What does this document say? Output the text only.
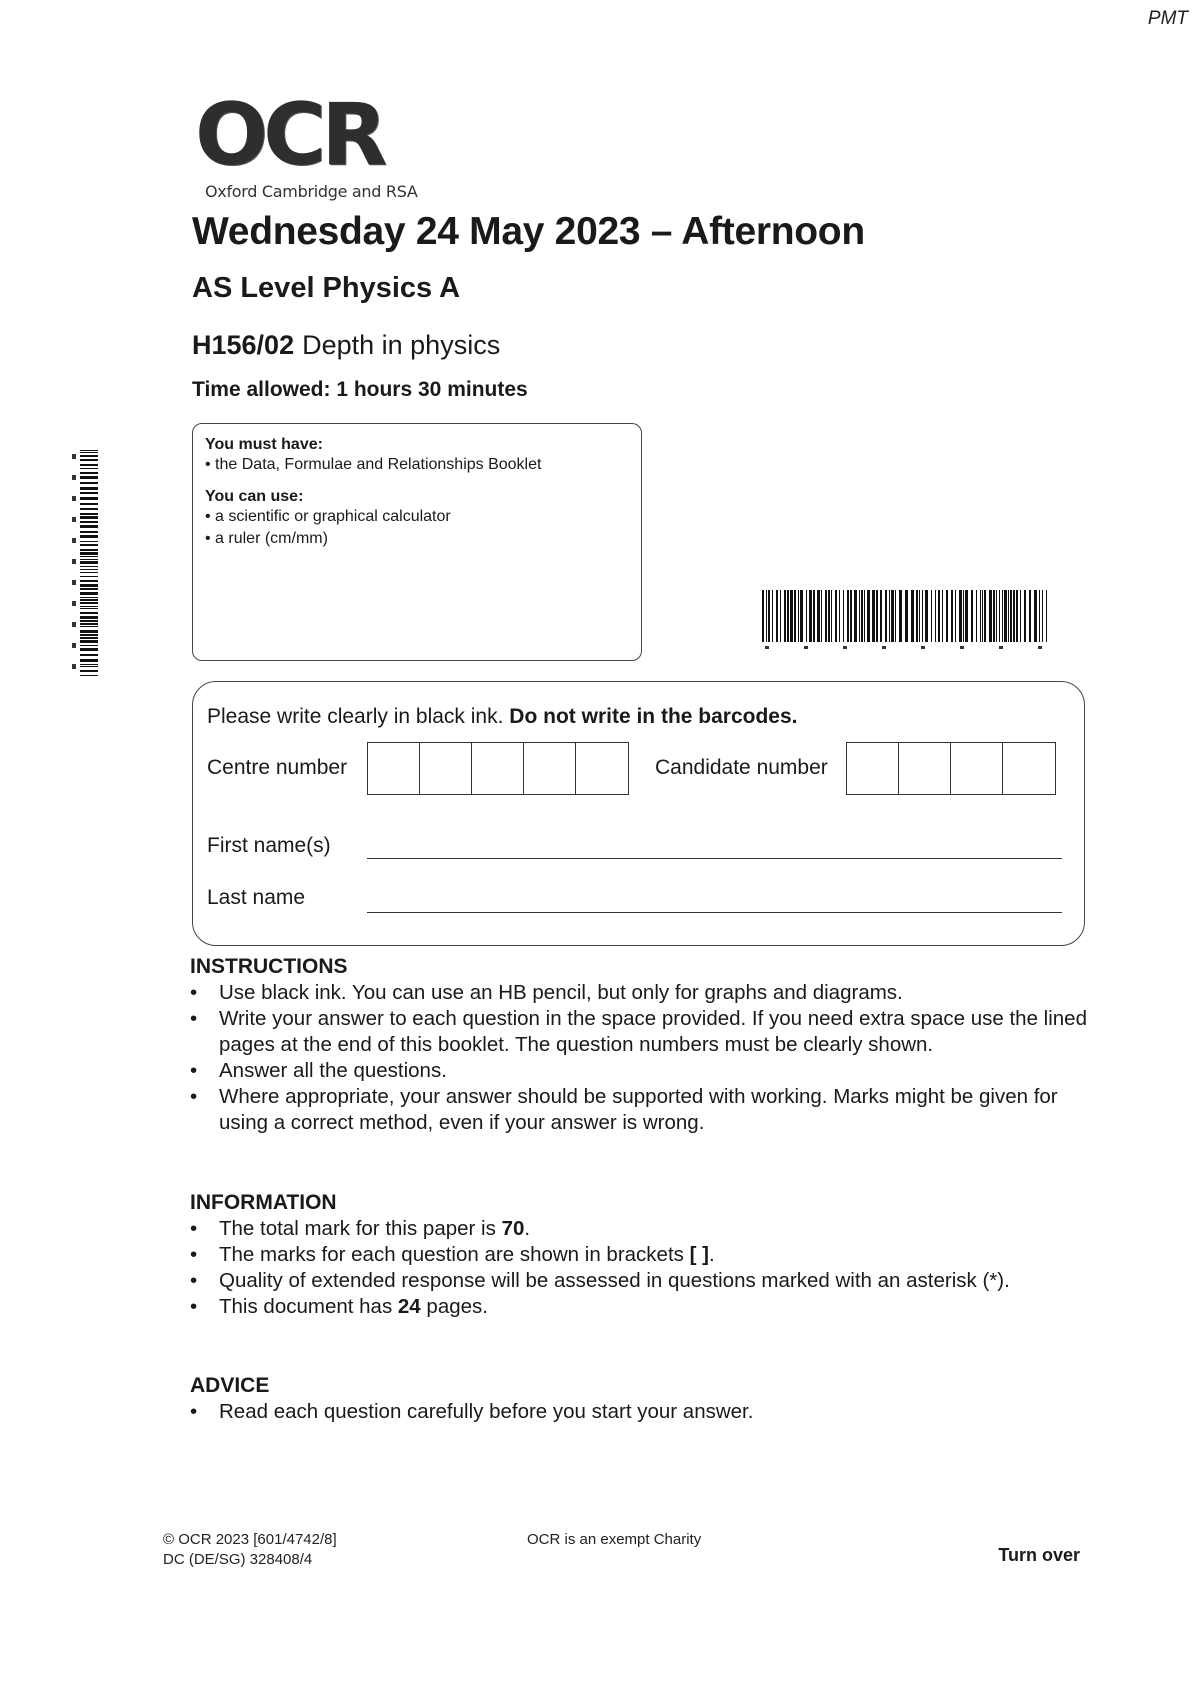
PMT
OCR
Oxford Cambridge and RSA
Wednesday 24 May 2023 – Afternoon
AS Level Physics A
H156/02 Depth in physics
Time allowed: 1 hours 30 minutes
You must have:
• the Data, Formulae and Relationships Booklet
You can use:
• a scientific or graphical calculator
• a ruler (cm/mm)
Please write clearly in black ink. Do not write in the barcodes.
Centre number	Candidate number
First name(s)
Last name
INSTRUCTIONS
•	Use black ink. You can use an HB pencil, but only for graphs and diagrams.
•	Write your answer to each question in the space provided. If you need extra space use the lined pages at the end of this booklet. The question numbers must be clearly shown.
•	Answer all the questions.
•	Where appropriate, your answer should be supported with working. Marks might be given for using a correct method, even if your answer is wrong.
INFORMATION
•	The total mark for this paper is 70.
•	The marks for each question are shown in brackets [ ].
•	Quality of extended response will be assessed in questions marked with an asterisk (*).
•	This document has 24 pages.
ADVICE
•	Read each question carefully before you start your answer.
© OCR 2023 [601/4742/8]
DC (DE/SG) 328408/4
OCR is an exempt Charity
Turn over
